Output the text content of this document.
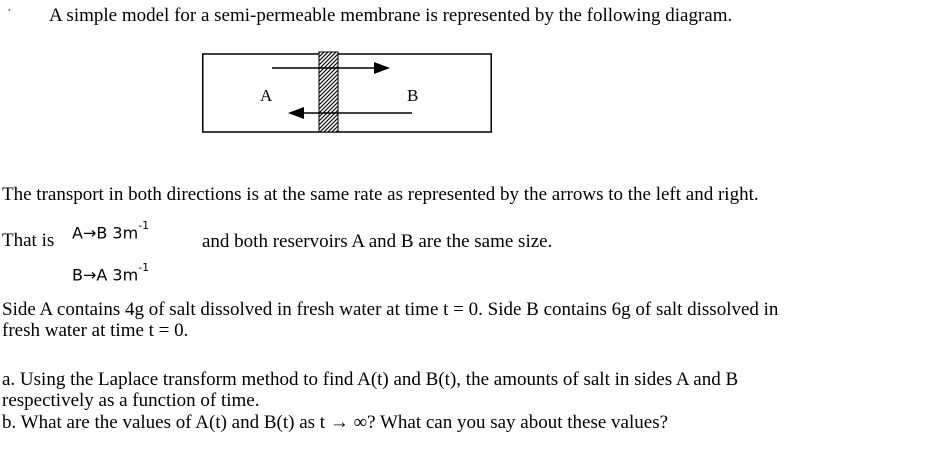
• A simple model for a semi-permeable membrane is represented by the following diagram.
A	B
The transport in both directions is at the same rate as represented by the arrows to the left and right.
That is A→B $3m^{-1}$
B→A $3m^{-1}$
and both reservoirs A and B are the same size.
Side A contains 4g of salt dissolved in fresh water at time t = 0. Side B contains 6g of salt dissolved in
fresh water at time t = 0.
a. Using the Laplace transform method to find A(t) and B(t), the amounts of salt in sides A and B
respectively as a function of time.
b. What are the values of A(t) and B(t) as t → ∞? What can you say about these values?
